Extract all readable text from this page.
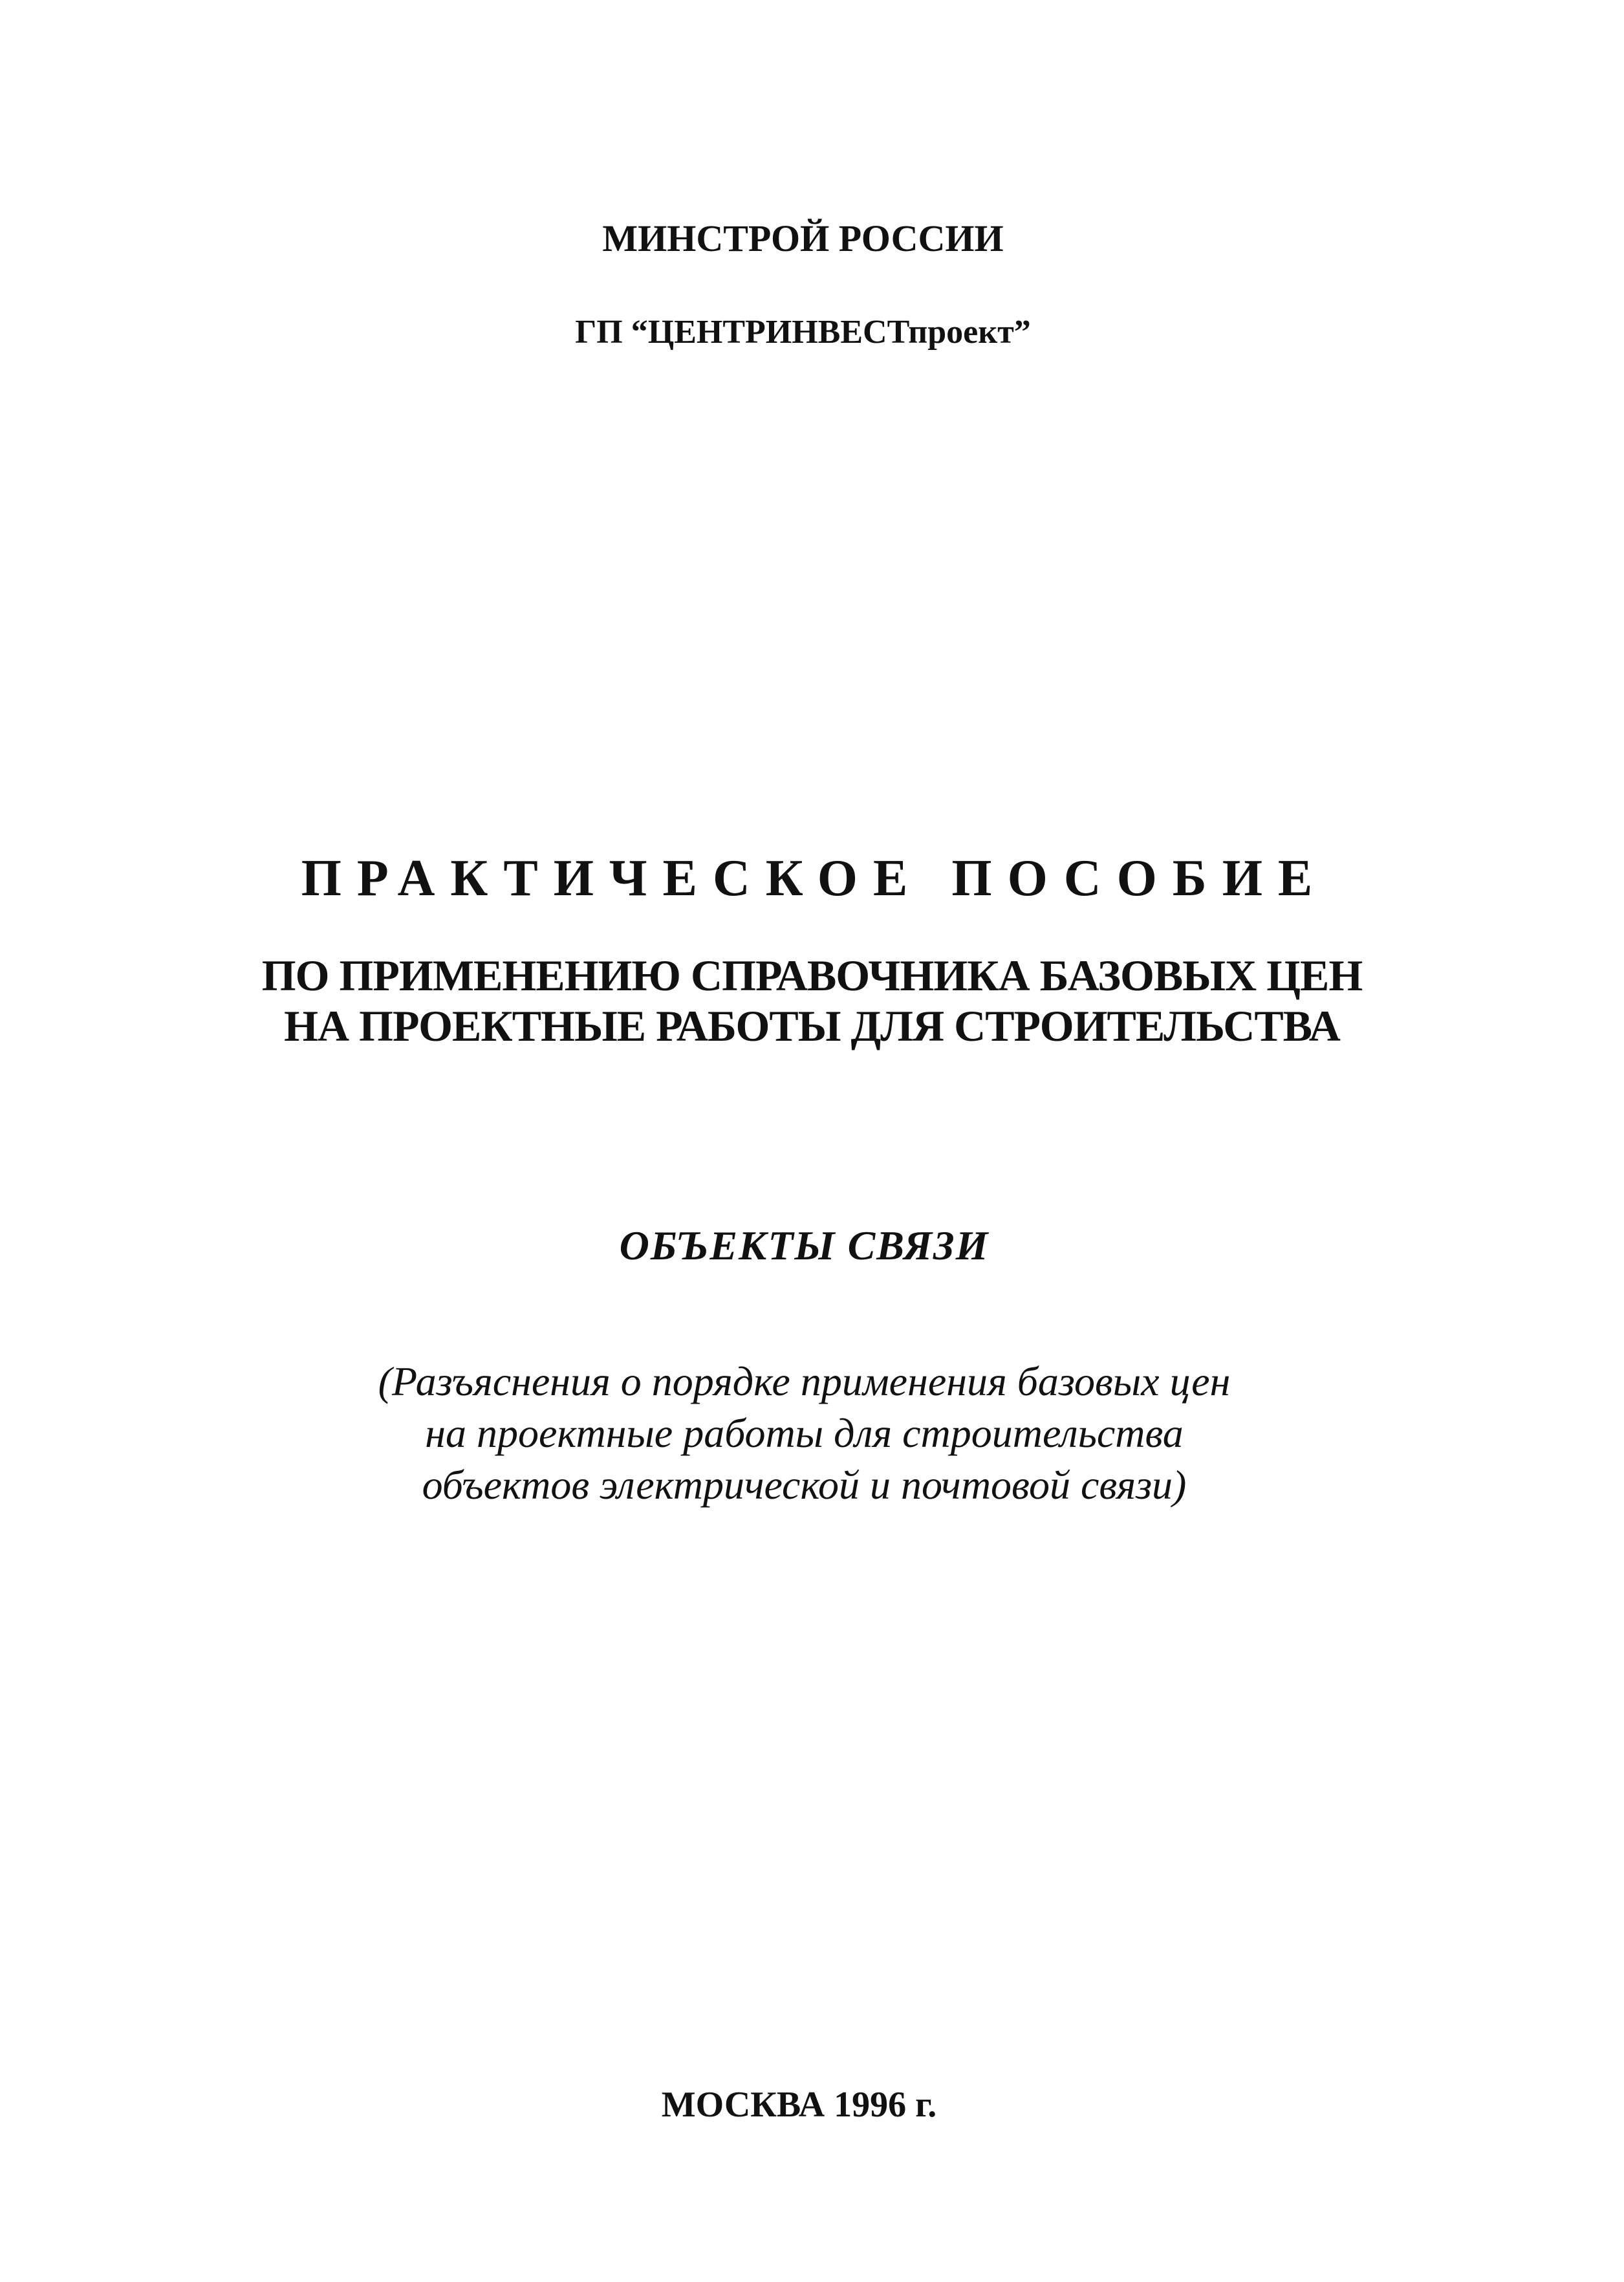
МИНСТРОЙ РОССИИ
ГП “ЦЕНТРИНВЕСТпроект”
ПРАКТИЧЕСКОЕ ПОСОБИЕ
ПО ПРИМЕНЕНИЮ СПРАВОЧНИКА БАЗОВЫХ ЦЕН
НА ПРОЕКТНЫЕ РАБОТЫ ДЛЯ СТРОИТЕЛЬСТВА
ОБЪЕКТЫ СВЯЗИ
(Разъяснения о порядке применения базовых цен
на проектные работы для строительства
объектов электрической и почтовой связи)
МОСКВА 1996 г.
